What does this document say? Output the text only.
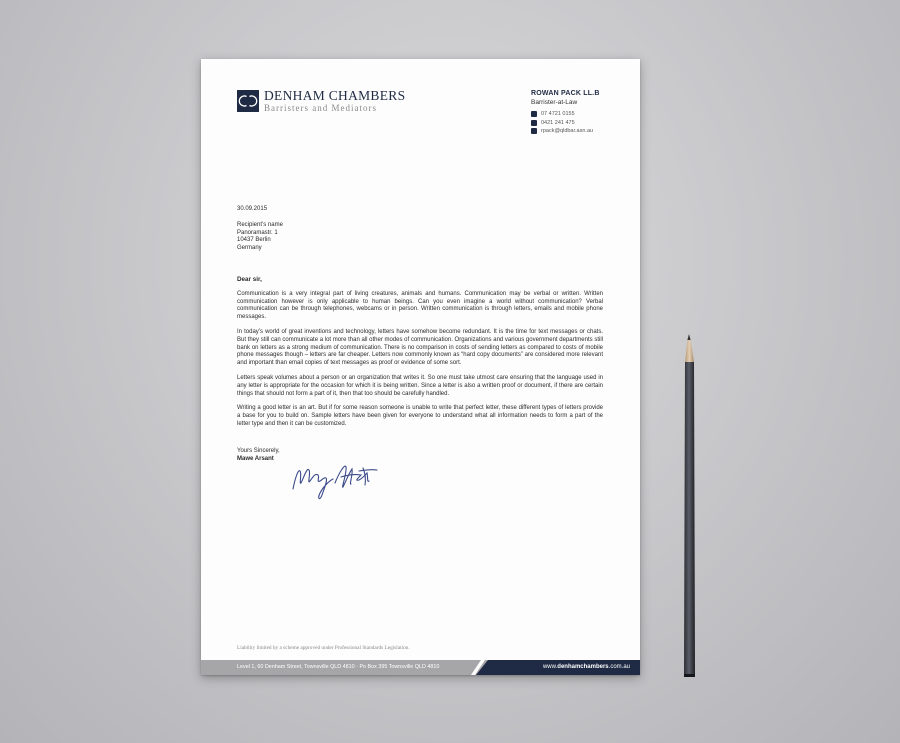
DENHAM CHAMBERS
Barristers and Mediators
ROWAN PACK LL.B
Barrister-at-Law
07 4721 0155
0421 241 475
rpack@qldbar.asn.au

30.09.2015

Recipient’s name

Panoramastr. 1

10437 Berlin

Germany

Dear sir,

Communication is a very integral part of living creatures, animals and humans. Communication may be verbal or written. Written communication however is only applicable to human beings. Can you even imagine a world without communication? Verbal communication can be through telephones, webcams or in person. Written communication is through letters, emails and mobile phone messages.

In today’s world of great inventions and technology, letters have somehow become redundant. It is the time for text messages or chats. But they still can communicate a lot more than all other modes of communication. Organizations and various government departments still bank on letters as a strong medium of communication. There is no comparison in costs of sending letters as compared to costs of mobile phone messages though – letters are far cheaper. Letters now commonly known as “hard copy documents” are considered more relevant and important than email copies of text messages as proof or evidence of some sort.

Letters speak volumes about a person or an organization that writes it. So one must take utmost care ensuring that the language used in any letter is appropriate for the occasion for which it is being written. Since a letter is also a written proof or document, if there are certain things that should not form a part of it, then that too should be carefully handled.

Writing a good letter is an art. But if for some reason someone is unable to write that perfect letter, these different types of letters provide a base for you to build on. Sample letters have been given for everyone to understand what all information needs to form a part of the letter type and then it can be customized.

Yours Sincerely,
Mawe Arsant
Liability limited by a scheme approved under Professional Standards Legislation.
Level 1, 60 Denham Street, Townsville QLD 4810 · Po Box 395 Townsville QLD 4810	www.denhamchambers.com.au
